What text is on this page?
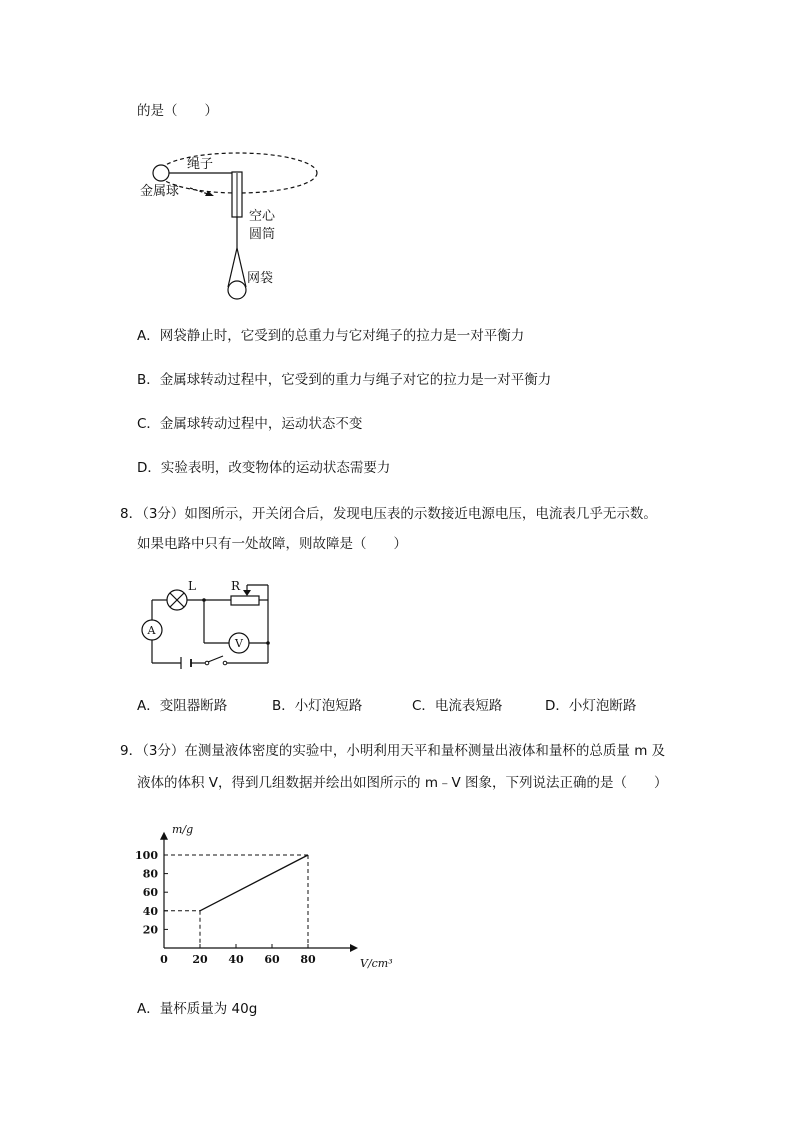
的是（　　）
绳子
金属球
空心
圆筒
网袋
A．网袋静止时，它受到的总重力与它对绳子的拉力是一对平衡力
B．金属球转动过程中，它受到的重力与绳子对它的拉力是一对平衡力
C．金属球转动过程中，运动状态不变
D．实验表明，改变物体的运动状态需要力
8．（3分）如图所示，开关闭合后，发现电压表的示数接近电源电压，电流表几乎无示数。
如果电路中只有一处故障，则故障是（　　）
L	R
A
V
A．变阻器断路	B．小灯泡短路	C．电流表短路	D．小灯泡断路
9．（3分）在测量液体密度的实验中，小明利用天平和量杯测量出液体和量杯的总质量 m 及
液体的体积 V，得到几组数据并绘出如图所示的 m﹣V 图象，下列说法正确的是（　　）
0 20 40 60 80
20
40
60
80
100
m/g
V/cm³
A．量杯质量为 40g
